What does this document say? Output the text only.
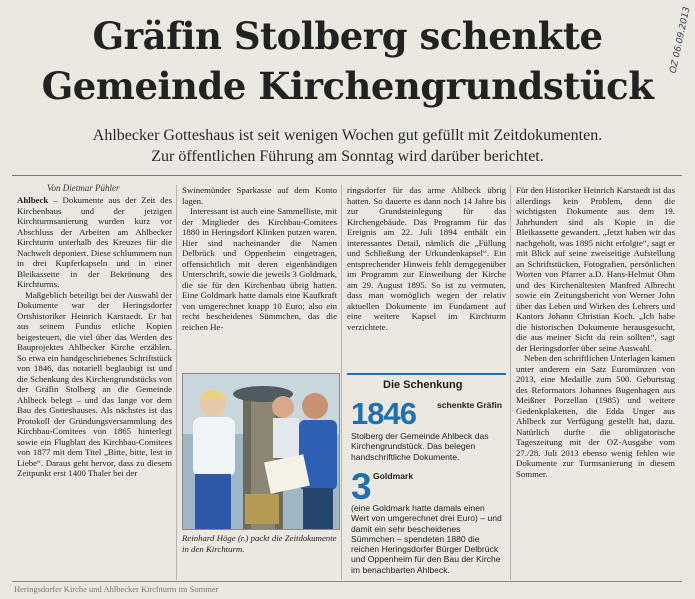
OZ 06.09.2013
Gräfin Stolberg schenkte
Gemeinde Kirchengrundstück
Ahlbecker Gotteshaus ist seit wenigen Wochen gut gefüllt mit Zeitdokumenten.
Zur öffentlichen Führung am Sonntag wird darüber berichtet.
Von Dietmar Pühler

Ahlbeck – Dokumente aus der Zeit des Kirchenbaus und der jetzigen Kirchturmsanierung wurden kurz vor Abschluss der Arbeiten am Ahlbecker Kirchturm unterhalb des Kreuzes für die Nachwelt deponiert. Diese schlummern nun in drei Kupferkapseln und in einer Bleikassette in der Bekrönung des Kirchturms.

Maßgeblich beteiligt bei der Auswahl der Dokumente war der Heringsdorfer Ortshistoriker Heinrich Karstaedt. Er hat aus seinem Fundus etliche Kopien beigesteuert, die viel über das Werden des Bauprojektes Ahlbecker Kirche erzählen. So etwa ein handgeschriebenes Schriftstück von 1846, das notariell beglaubigt ist und die Schenkung des Kirchengrundstücks von der Gräfin Stolberg an die Gemeinde Ahlbeck belegt – und das lange vor dem Bau des Gotteshauses. Als nächstes ist das Protokoll der Gründungsversammlung des Kirchbau-Comitees von 1865 hinterlegt sowie ein Flugblatt des Kirchbau-Comitees von 1877 mit dem Titel „Bitte, bitte, lest in Liebe“. Daraus geht hervor, dass zu diesem Zeitpunkt erst 1400 Thaler bei der

Swinemünder Sparkasse auf dem Konto lagen.

Interessant ist auch eine Sammelliste, mit der Mitglieder des Kirchbau-Comitees 1880 in Heringsdorf Klinken putzen waren. Hier sind nacheinander die Namen Delbrück und Oppenheim eingetragen, offensichtlich mit deren eigenhändigen Unterschrift, sowie die jeweils 3 Goldmark, die sie für den Kirchenbau übrig hatten. Eine Goldmark hatte damals eine Kaufkraft von umgerechnet knapp 10 Euro; also ein recht bescheidenes Sümmchen, das die reichen He-

Reinhard Höge (r.) packt die Zeitdokumente in den Kirchturm.

ringsdorfer für das arme Ahlbeck übrig hatten. So dauerte es dann noch 14 Jahre bis zur Grundsteinlegung für das Kirchengebäude. Das Programm für das Ereignis am 22. Juli 1894 enthält ein interessantes Detail, nämlich die „Füllung und Schließung der Urkundenkapsel“. Ein entsprechender Hinweis fehlt demgegenüber im Programm zur Einweihung der Kirche am 29. August 1895. So ist zu vermuten, dass man womöglich wegen der relativ aktuellen Dokumente im Fundament auf eine weitere Kapsel im Kirchturm verzichtete.

Die Schenkung
1846 schenkte Gräfin
Stolberg der Gemeinde Ahlbeck das Kirchengrundstück. Das belegen handschriftliche Dokumente.
3 Goldmark
(eine Goldmark hatte damals einen Wert von umgerechnet drei Euro) – und damit ein sehr bescheidenes Sümmchen – spendeten 1880 die reichen Heringsdorfer Bürger Delbrück und Oppenheim für den Bau der Kirche im benachbarten Ahlbeck.

Für den Historiker Heinrich Karstaedt ist das allerdings kein Problem, denn die wichtigsten Dokumente aus dem 19. Jahrhundert sind als Kopie in die Bleikassette gewandert. „Jetzt haben wir das nachgeholt, was 1895 nicht erfolgte“, sagt er mit Blick auf seine zweiseitige Aufstellung an Schriftstücken, Fotografien, persönlichen Worten von Pfarrer a.D. Hans-Helmut Ohm und des Kirchenältesten Manfred Albrecht sowie ein Zeitungsbericht von Werner John über das Leben und Wirken des Lehrers und Kantors Johann Christian Koch. „Ich habe die historischen Dokumente herausgesucht, die aus meiner Sicht da rein sollten“, sagt der Heringsdorfer über seine Auswahl.

Neben den schriftlichen Unterlagen kamen unter anderem ein Satz Euromünzen von 2013, eine Medaille zum 500. Geburtstag des Reformators Johannes Bugenhagen aus Meißner Porzellan (1985) und weitere Gedenkplaketten, die Edda Unger aus Ahlbeck zur Verfügung gestellt hat, dazu. Natürlich durfte die obligatorische Tageszeitung mit der OZ-Ausgabe vom 27./28. Juli 2013 ebenso wenig fehlen wie Dokumente zur Turmsanierung in diesem Sommer.

Heringsdorfer Kirche und Ahlbecker Kirchturm im Sommer
